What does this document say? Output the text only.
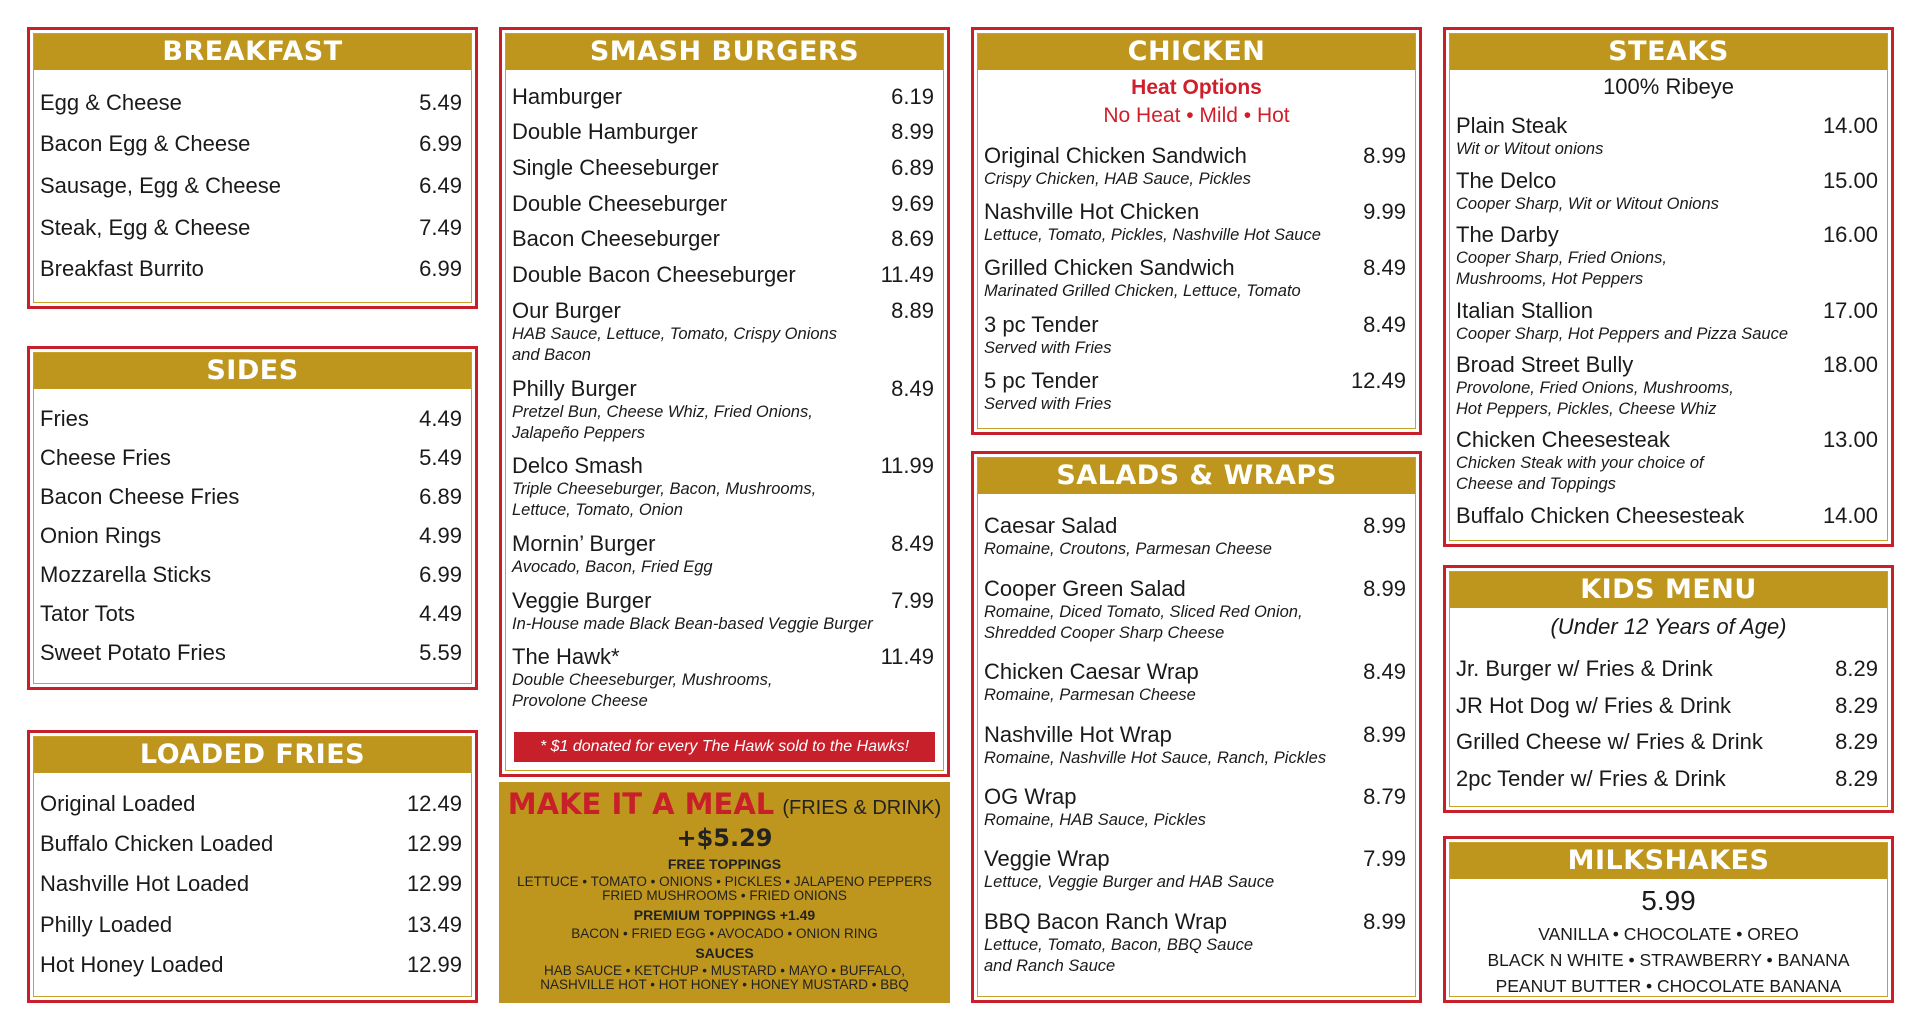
BREAKFAST
Egg & Cheese	5.49
Bacon Egg & Cheese	6.99
Sausage, Egg & Cheese	6.49
Steak, Egg & Cheese	7.49
Breakfast Burrito	6.99
SIDES
Fries	4.49
Cheese Fries	5.49
Bacon Cheese Fries	6.89
Onion Rings	4.99
Mozzarella Sticks	6.99
Tator Tots	4.49
Sweet Potato Fries	5.59
LOADED FRIES
Original Loaded	12.49
Buffalo Chicken Loaded	12.99
Nashville Hot Loaded	12.99
Philly Loaded	13.49
Hot Honey Loaded	12.99
SMASH BURGERS
Hamburger	6.19
Double Hamburger	8.99
Single Cheeseburger	6.89
Double Cheeseburger	9.69
Bacon Cheeseburger	8.69
Double Bacon Cheeseburger	11.49
Our Burger	8.89
HAB Sauce, Lettuce, Tomato, Crispy Onions
and Bacon
Philly Burger	8.49
Pretzel Bun, Cheese Whiz, Fried Onions,
Jalapeño Peppers
Delco Smash	11.99
Triple Cheeseburger, Bacon, Mushrooms,
Lettuce, Tomato, Onion
Mornin’ Burger	8.49
Avocado, Bacon, Fried Egg
Veggie Burger	7.99
In-House made Black Bean-based Veggie Burger
The Hawk*	11.49
Double Cheeseburger, Mushrooms,
Provolone Cheese
* $1 donated for every The Hawk sold to the Hawks!
MAKE IT A MEAL (FRIES & DRINK)
+$5.29
FREE TOPPINGS
LETTUCE • TOMATO • ONIONS • PICKLES • JALAPENO PEPPERS
FRIED MUSHROOMS • FRIED ONIONS
PREMIUM TOPPINGS +1.49
BACON • FRIED EGG • AVOCADO • ONION RING
SAUCES
HAB SAUCE • KETCHUP • MUSTARD • MAYO • BUFFALO,
NASHVILLE HOT • HOT HONEY • HONEY MUSTARD • BBQ
CHICKEN
Heat Options
No Heat • Mild • Hot
Original Chicken Sandwich	8.99
Crispy Chicken, HAB Sauce, Pickles
Nashville Hot Chicken	9.99
Lettuce, Tomato, Pickles, Nashville Hot Sauce
Grilled Chicken Sandwich	8.49
Marinated Grilled Chicken, Lettuce, Tomato
3 pc Tender	8.49
Served with Fries
5 pc Tender	12.49
Served with Fries
SALADS & WRAPS
Caesar Salad	8.99
Romaine, Croutons, Parmesan Cheese
Cooper Green Salad	8.99
Romaine, Diced Tomato, Sliced Red Onion,
Shredded Cooper Sharp Cheese
Chicken Caesar Wrap	8.49
Romaine, Parmesan Cheese
Nashville Hot Wrap	8.99
Romaine, Nashville Hot Sauce, Ranch, Pickles
OG Wrap	8.79
Romaine, HAB Sauce, Pickles
Veggie Wrap	7.99
Lettuce, Veggie Burger and HAB Sauce
BBQ Bacon Ranch Wrap	8.99
Lettuce, Tomato, Bacon, BBQ Sauce
and Ranch Sauce
STEAKS
100% Ribeye
Plain Steak	14.00
Wit or Witout onions
The Delco	15.00
Cooper Sharp, Wit or Witout Onions
The Darby	16.00
Cooper Sharp, Fried Onions,
Mushrooms, Hot Peppers
Italian Stallion	17.00
Cooper Sharp, Hot Peppers and Pizza Sauce
Broad Street Bully	18.00
Provolone, Fried Onions, Mushrooms,
Hot Peppers, Pickles, Cheese Whiz
Chicken Cheesesteak	13.00
Chicken Steak with your choice of
Cheese and Toppings
Buffalo Chicken Cheesesteak	14.00
KIDS MENU
(Under 12 Years of Age)
Jr. Burger w/ Fries & Drink	8.29
JR Hot Dog w/ Fries & Drink	8.29
Grilled Cheese w/ Fries & Drink	8.29
2pc Tender w/ Fries & Drink	8.29
MILKSHAKES
5.99
VANILLA • CHOCOLATE • OREO
BLACK N WHITE • STRAWBERRY • BANANA
PEANUT BUTTER • CHOCOLATE BANANA
